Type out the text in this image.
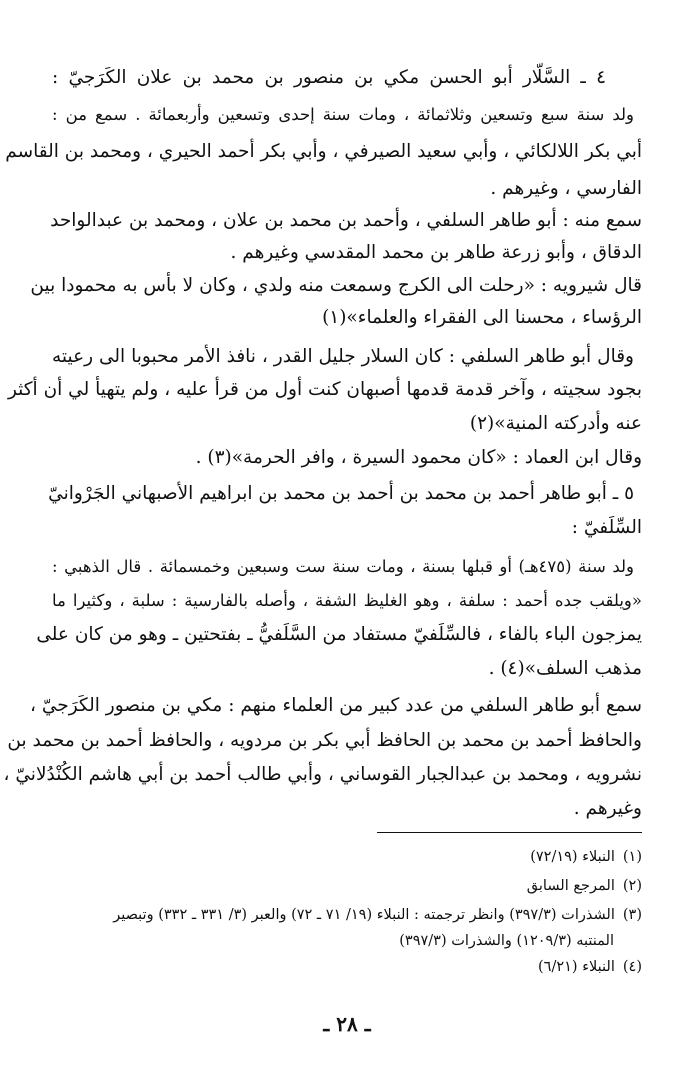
٤ ـ السَّلّار أبو الحسن مكي بن منصور بن محمد بن علان الكَرَجيّ :
ولد سنة سبع وتسعين وثلاثمائة ، ومات سنة إحدى وتسعين وأربعمائة . سمع من :
أبي بكر اللالكائي ، وأبي سعيد الصيرفي ، وأبي بكر أحمد الحيري ، ومحمد بن القاسم
الفارسي ، وغيرهم .
سمع منه : أبو طاهر السلفي ، وأحمد بن محمد بن علان ، ومحمد بن عبدالواحد
الدقاق ، وأبو زرعة طاهر بن محمد المقدسي وغيرهم .
قال شيرويه : «رحلت الى الكرج وسمعت منه ولدي ، وكان لا بأس به محمودا بين
الرؤساء ، محسنا الى الفقراء والعلماء»(١)
وقال أبو طاهر السلفي : كان السلار جليل القدر ، نافذ الأمر محبوبا الى رعيته
بجود سجيته ، وآخر قدمة قدمها أصبهان كنت أول من قرأ عليه ، ولم يتهيأ لي أن أكثر
عنه وأدركته المنية»(٢)
وقال ابن العماد : «كان محمود السيرة ، وافر الحرمة»(٣) .
٥ ـ أبو طاهر أحمد بن محمد بن أحمد بن محمد بن ابراهيم الأصبهاني الجَرْوانيّ
السِّلَفيّ :
ولد سنة (٤٧٥هـ) أو قبلها بسنة ، ومات سنة ست وسبعين وخمسمائة . قال الذهبي :
«ويلقب جده أحمد : سلفة ، وهو الغليظ الشفة ، وأصله بالفارسية : سلبة ، وكثيرا ما
يمزجون الباء بالفاء ، فالسِّلَفيّ مستفاد من السَّلَفيُّ ـ بفتحتين ـ وهو من كان على
مذهب السلف»(٤) .
سمع أبو طاهر السلفي من عدد كبير من العلماء منهم : مكي بن منصور الكَرَجيّ ،
والحافظ أحمد بن محمد بن الحافظ أبي بكر بن مردويه ، والحافظ أحمد بن محمد بن
نشرويه ، ومحمد بن عبدالجبار القوساني ، وأبي طالب أحمد بن أبي هاشم الكُنْدُلانيّ ،
وغيرهم .
(١)النبلاء (٧٢/١٩)
(٢)المرجع السابق
(٣)الشذرات (٣٩٧/٣) وانظر ترجمته : النبلاء (١٩/ ٧١ ـ ٧٢) والعبر (٣/ ٣٣١ ـ ٣٣٢) وتبصير
المنتبه (١٢٠٩/٣) والشذرات (٣٩٧/٣)
(٤)النبلاء (٦/٢١)
ـ ٢٨ ـ
